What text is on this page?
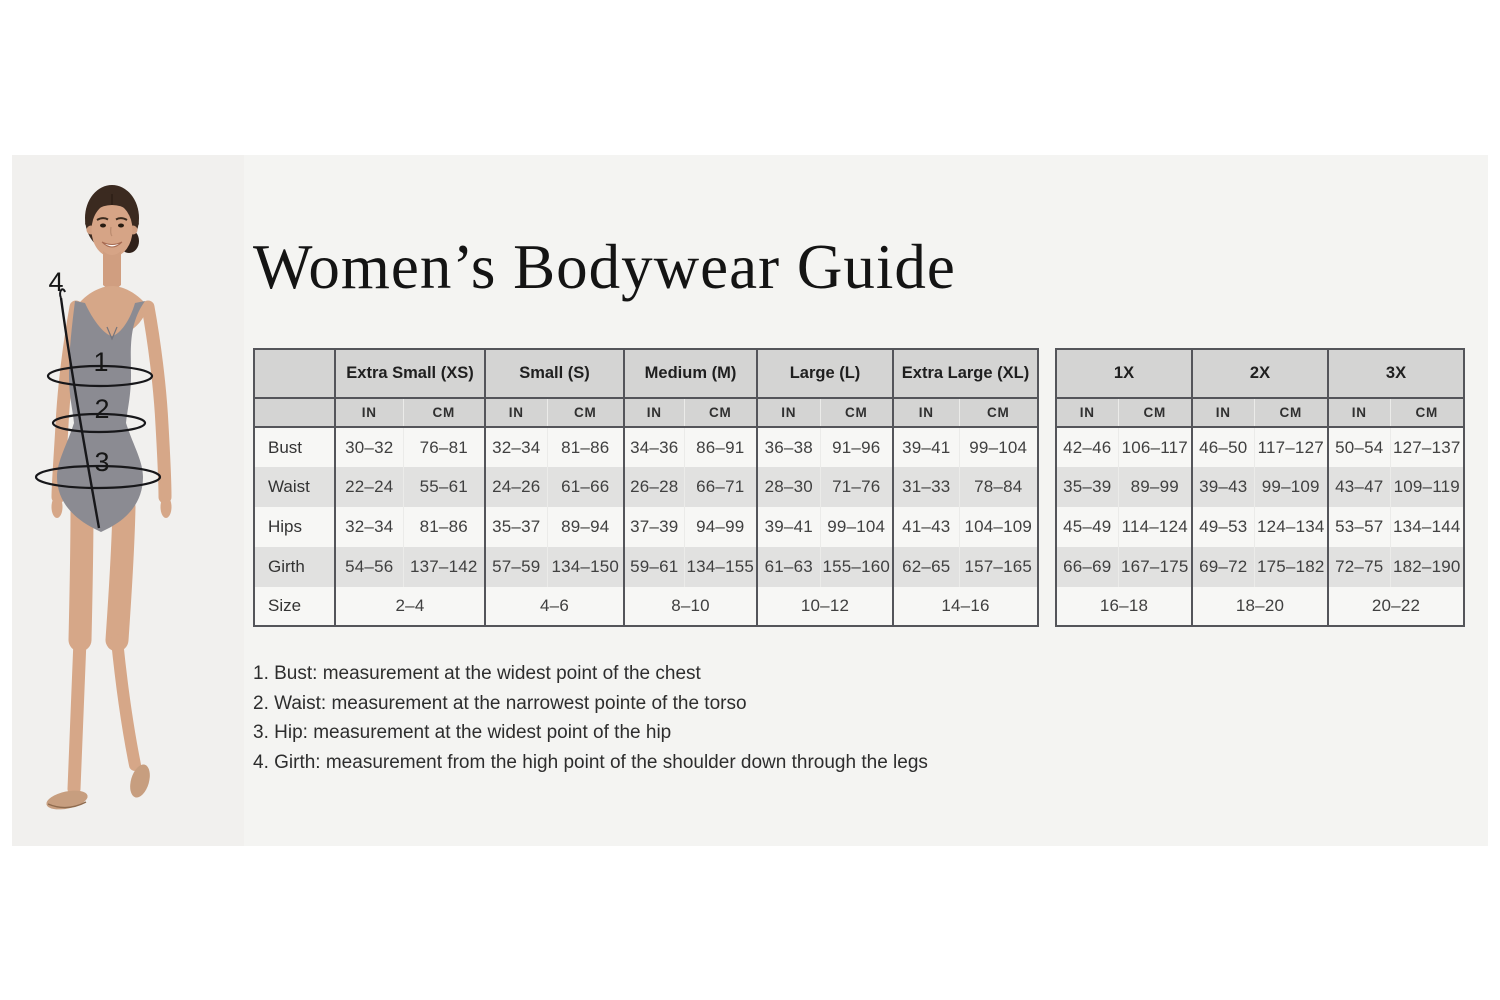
1
2
3
4	Women’s Bodywear Guide
	Extra Small (XS)		Small (S)		Medium (M)		Large (L)		Extra Large (XL)	
	IN	CM	IN	CM	IN	CM	IN	CM	IN	CM
Bust	30–32	76–81	32–34	81–86	34–36	86–91	36–38	91–96	39–41	99–104
Waist	22–24	55–61	24–26	61–66	26–28	66–71	28–30	71–76	31–33	78–84
Hips	32–34	81–86	35–37	89–94	37–39	94–99	39–41	99–104	41–43	104–109
Girth	54–56	137–142	57–59	134–150	59–61	134–155	61–63	155–160	62–65	157–165
Size	2–4		4–6		8–10		10–12		14–16	
1X		2X		3X	
IN	CM	IN	CM	IN	CM
42–46	106–117	46–50	117–127	50–54	127–137
35–39	89–99	39–43	99–109	43–47	109–119
45–49	114–124	49–53	124–134	53–57	134–144
66–69	167–175	69–72	175–182	72–75	182–190
16–18		18–20		20–22	
1. Bust: measurement at the widest point of the chest
2. Waist: measurement at the narrowest pointe of the torso
3. Hip: measurement at the widest point of the hip
4. Girth: measurement from the high point of the shoulder down through the legs
